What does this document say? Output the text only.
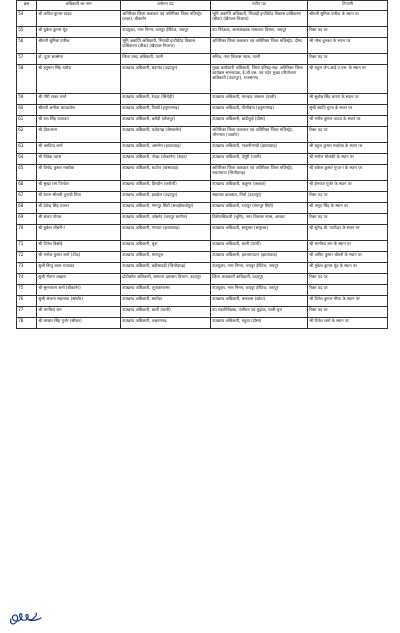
क्रम	अधिकारी का नाम	वर्तमान पद	नवीन पद	टिप्पणी
54	श्री कपिल कुमार यादव	अतिरिक्त जिला कलक्टर एवं अतिरिक्त जिला मजिस्ट्रेट (शहर), बीकानेर	भूमि अवाप्ति अधिकारी, भिवाड़ी इन्टीग्रेटेड विकास प्राधिकरण (बीडा) (खैरथल-तिजारा)	श्रीमती सुमित्रा पारीक के स्थान पर
55	श्री मुकेश कुमार मूंड	उपायुक्त, नगर निगम, जयपुर हेरिटेज, जयपुर	उप निदेशक, अल्पसंख्यक मामलात विभाग, जयपुर	रिक्त पद पर
56	श्रीमती सुमित्रा पारीक	भूमि अवाप्ति अधिकारी, भिवाड़ी इन्टीग्रेटेड विकास प्राधिकरण (बीडा) (खैरथल-तिजारा)	अतिरिक्त जिला कलक्टर एवं अतिरिक्त जिला मजिस्ट्रेट, दौसा	श्री नरेश बुनकर के स्थान पर
57	डॉ. पूजा सक्सेना	जिला रसद अधिकारी, पाली	सचिव, नगर विकास न्यास, पाली	रिक्त पद पर
58	श्री हनुमान सिंह राठौड़	उपखण्ड अधिकारी, बड़गांव (उदयपुर)	मुख्य कार्यकारी अधिकारी, जिला परिषद्-सह- अतिरिक्त जिला कार्यक्रम समन्वयक, ई.जी.एस. एवं पदेन मुख्य परियोजना अधिकारी (उदयपुर), राजसमन्द	श्री राहुल जैन,आई.ए.एस. के स्थान पर
59	श्री गौरी शंकर शर्मा	उपखण्ड अधिकारी, रेवदर (सिरोही)	उपखण्ड अधिकारी, मारवाड़ जंक्शन (पाली)	श्री सुबोध सिंह चारण के स्थान पर
60	श्रीमती अमीता चारडालेश	उपखण्ड अधिकारी, टिब्बी (हनुमानगढ़)	उपखण्ड अधिकारी, पीलीबंगा (हनुमानगढ़)	सुश्री स्वाति गुप्ता के स्थान पर
61	श्री राम सिंह राजावत	उपखण्ड अधिकारी, बसेड़ी (धौलपुर)	उपखण्ड अधिकारी, बांदीकुई (दौसा)	श्री मनीष कुमार जाटव के स्थान पर
62	श्री दीलतराम	उपखण्ड अधिकारी, फतेहगढ़ (जैसलमेर)	अतिरिक्त जिला कलक्टर एवं अतिरिक्त जिला मजिस्ट्रेट, भीनमाल (जालोर)	रिक्त पद पर
63	श्री अरविन्द शर्मा	उपखण्ड अधिकारी, असनेरा (झालावाड़)	उपखण्ड अधिकारी, भवानीमण्डी (झालावाड़)	श्री राहुल कुमार मल्होत्रा के स्थान पर
64	श्री विवेक व्यास	उपखण्ड अधिकारी, नोखा (बीकानेर) (शहर)	उपखण्ड अधिकारी, देसूरी (पाली)	श्री मनोज सोलंकी के स्थान पर
65	श्री विनोद कुमार मल्होत्रा	उपखण्ड अधिकारी, घाटोल (बांसवाड़ा)	अतिरिक्त जिला कलक्टर एवं अतिरिक्त जिला मजिस्ट्रेट, रावतभाटा (चित्तौड़गढ़)	श्री राकेश कुमार गुप्ता-I के स्थान पर
66	श्री सुखा राम पिण्डेल	उपखण्ड अधिकारी, हिण्डौन (करौली)	उपखण्ड अधिकारी, कठूमर (अलवर)	श्री हेमराज गुर्जर के स्थान पर
67	श्री श्याम सीलवी पुनावी मिया	उपखण्ड अधिकारी, झाड़ोल (उदयपुर)	सहायक कलक्टर, गिर्वा (उदयपुर)	रिक्त पद पर
68	श्री देवेन्द्र सिंह परमार	उपखण्ड अधिकारी, गंगापुर सिटी (सवाईमाधोपुर)	उपखण्ड अधिकारी, रायपुर (गंगापुर सिटी)	श्री अनूप सिंह के स्थान पर
69	श्री संजय गोयल	उपखण्ड अधिकारी, जोबनेर (जयपुर ग्रामीण)	विशेषाधिकारी (भूमि), नगर विकास न्यास, अलवर	रिक्त पद पर
70	श्री मुकेश चौधरी-I	उपखण्ड अधिकारी, गंगधार (झालावाड़)	उपखण्ड अधिकारी, सलूम्बर (सलूम्बर)	श्री सुरेन्द्र बी. पाटीदार के स्थान पर
71	श्री दिनेश बिश्नोई	उपखण्ड अधिकारी, चुरू	उपखण्ड अधिकारी, बाली (पाली)	श्री भागीरथ राम के स्थान पर
72	श्री मनोज कुमार शर्मा (टोंक)	उपखण्ड अधिकारी, मालपुरा	उपखण्ड अधिकारी, झालरापाटन (झालावाड़)	श्री अमित कुमार चौधरी के स्थान पर
73	सुश्री बिन्दु बाला राजावत	उपखण्ड अधिकारी, बड़ीसादड़ी (चित्तौड़गढ़)	उपायुक्त, नगर निगम, जयपुर हेरिटेज, जयपुर	श्री मुकेश कुमार मूंड के स्थान पर
74	सुश्री नीलम लखारा	प्रोटोकॉल अधिकारी, सामान्य प्रशासन विभाग, उदयपुर	जिला आबकारी अधिकारी, उदयपुर	रिक्त पद पर
75	श्री सुगनाराम शर्मा (बीकानेर)	उपखण्ड अधिकारी, लूणकरणसर	उपायुक्त, नगर निगम, जयपुर हेरिटेज, जयपुर	रिक्त पद पर
76	सुश्री अंजना सहरावत (सांचौर)	उपखण्ड अधिकारी, बागोड़ा	उपखण्ड अधिकारी, कनवास (कोटा)	श्री दिनेश कुमार मीणा के स्थान पर
77	श्री भागीरथ राम	उपखण्ड अधिकारी, बाली (पाली)	उप महानिरीक्षक, पंजीयन एवं मुद्रांक, पाली-वृत्त	रिक्त पद पर
78	श्री लाखन सिंह गुर्जर (सीकर)	उपखण्ड अधिकारी, लक्ष्मणगढ़	उपखण्ड अधिकारी, महुवा (दौसा)	श्री दिनेश शर्मा के स्थान पर
